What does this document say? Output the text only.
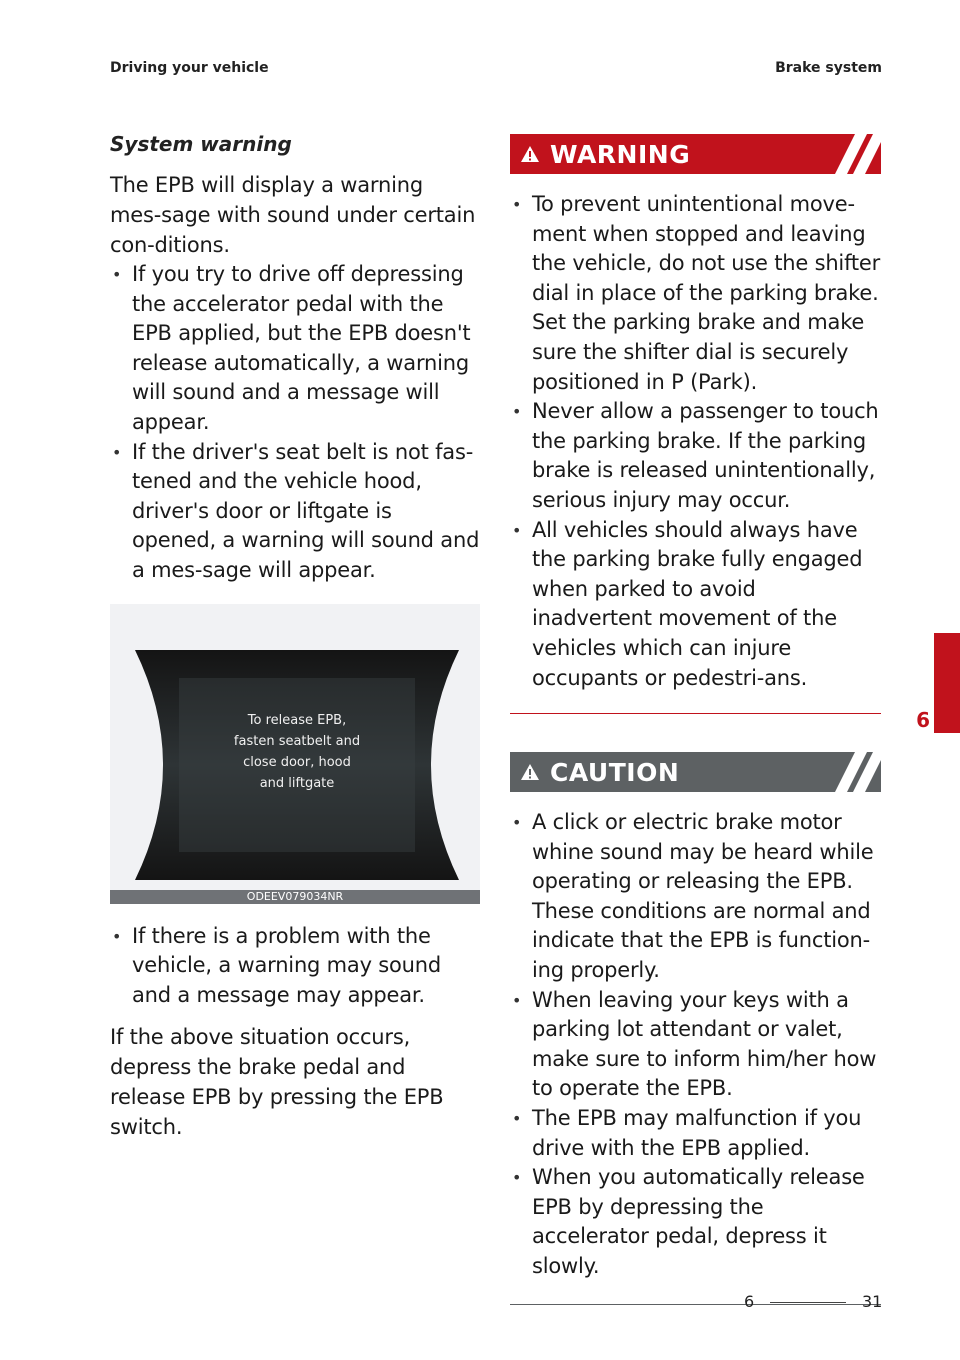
Driving your vehicle	Brake system
System warning

The EPB will display a warning mes-sage with sound under certain con-ditions.

• If you try to drive off depressing the accelerator pedal with the EPB applied, but the EPB doesn't release automatically, a warning will sound and a message will appear.
• If the driver's seat belt is not fas-tened and the vehicle hood, driver's door or liftgate is opened, a warning will sound and a mes-sage will appear.
To release EPB,
fasten seatbelt and
close door, hood
and liftgate
ODEEV079034NR
• If there is a problem with the vehicle, a warning may sound and a message may appear.

If the above situation occurs, depress the brake pedal and release EPB by pressing the EPB switch.

WARNING
• To prevent unintentional move-ment when stopped and leaving the vehicle, do not use the shifter dial in place of the parking brake. Set the parking brake and make sure the shifter dial is securely positioned in P (Park).
• Never allow a passenger to touch the parking brake. If the parking brake is released unintentionally, serious injury may occur.
• All vehicles should always have the parking brake fully engaged when parked to avoid inadvertent movement of the vehicles which can injure occupants or pedestri-ans.
CAUTION
• A click or electric brake motor whine sound may be heard while operating or releasing the EPB. These conditions are normal and indicate that the EPB is function-ing properly.
• When leaving your keys with a parking lot attendant or valet, make sure to inform him/her how to operate the EPB.
• The EPB may malfunction if you drive with the EPB applied.
• When you automatically release EPB by depressing the accelerator pedal, depress it slowly.
6
6	31
